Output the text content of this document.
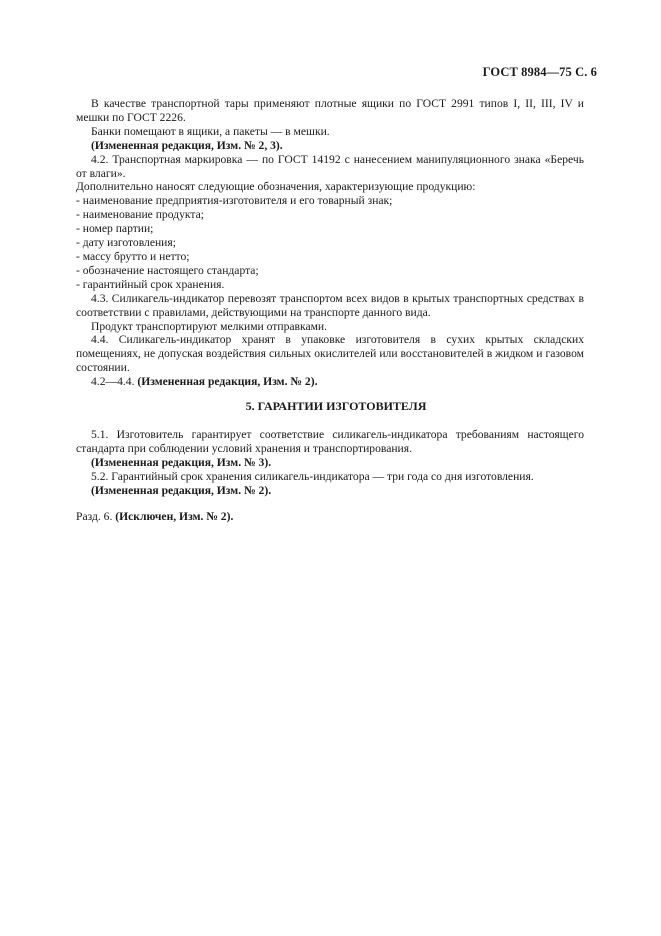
ГОСТ 8984—75 С. 6

В качестве транспортной тары применяют плотные ящики по ГОСТ 2991 типов I, II, III, IV и мешки по ГОСТ 2226.

Банки помещают в ящики, а пакеты — в мешки.

(Измененная редакция, Изм. № 2, 3).

4.2. Транспортная маркировка — по ГОСТ 14192 с нанесением манипуляционного знака «Беречь от влаги».

Дополнительно наносят следующие обозначения, характеризующие продукцию:

- наименование предприятия-изготовителя и его товарный знак;

- наименование продукта;

- номер партии;

- дату изготовления;

- массу брутто и нетто;

- обозначение настоящего стандарта;

- гарантийный срок хранения.

4.3. Силикагель-индикатор перевозят транспортом всех видов в крытых транспортных средствах в соответствии с правилами, действующими на транспорте данного вида.

Продукт транспортируют мелкими отправками.

4.4. Силикагель-индикатор хранят в упаковке изготовителя в сухих крытых складских помещениях, не допуская воздействия сильных окислителей или восстановителей в жидком и газовом состоянии.

4.2—4.4. (Измененная редакция, Изм. № 2).

5. ГАРАНТИИ ИЗГОТОВИТЕЛЯ

5.1. Изготовитель гарантирует соответствие силикагель-индикатора требованиям настоящего стандарта при соблюдении условий хранения и транспортирования.

(Измененная редакция, Изм. № 3).

5.2. Гарантийный срок хранения силикагель-индикатора — три года со дня изготовления.

(Измененная редакция, Изм. № 2).

Разд. 6. (Исключен, Изм. № 2).
